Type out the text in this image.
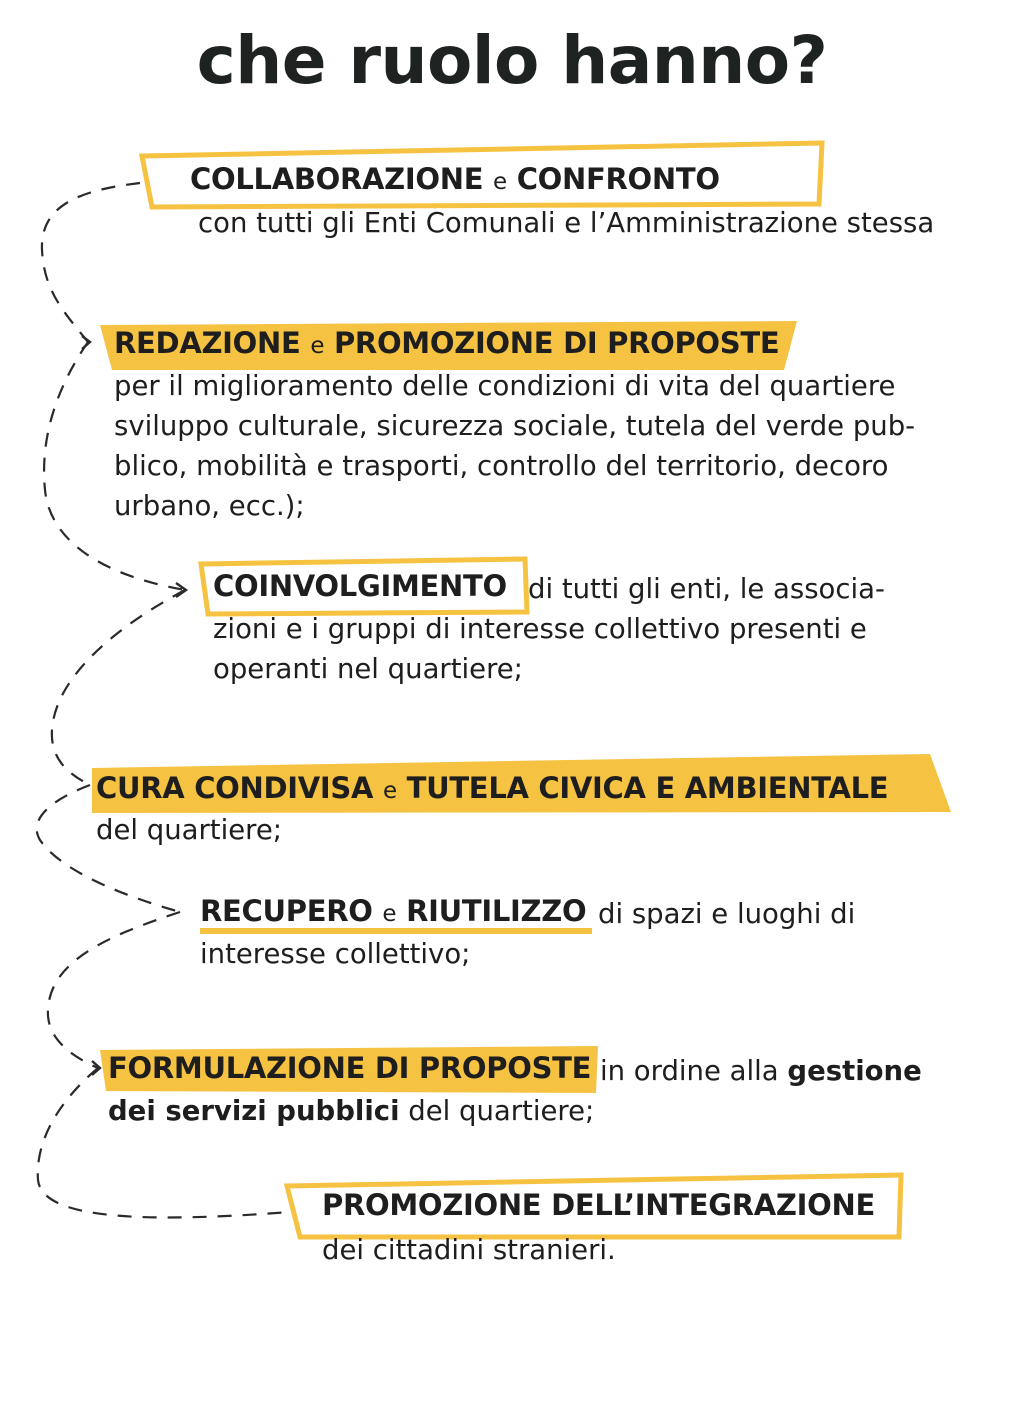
che ruolo hanno?
COLLABORAZIONE e CONFRONTO
con tutti gli Enti Comunali e l’Amministrazione stessa
REDAZIONE e PROMOZIONE DI PROPOSTE
per il miglioramento delle condizioni di vita del quartiere
sviluppo culturale, sicurezza sociale, tutela del verde pub-
blico, mobilità e trasporti, controllo del territorio, decoro
urbano, ecc.);
COINVOLGIMENTO di tutti gli enti, le associa-
zioni e i gruppi di interesse collettivo presenti e
operanti nel quartiere;
CURA CONDIVISA e TUTELA CIVICA E AMBIENTALE
del quartiere;
RECUPERO e RIUTILIZZO di spazi e luoghi di
interesse collettivo;
FORMULAZIONE DI PROPOSTE in ordine alla gestione
dei servizi pubblici del quartiere;
PROMOZIONE DELL’INTEGRAZIONE
dei cittadini stranieri.
